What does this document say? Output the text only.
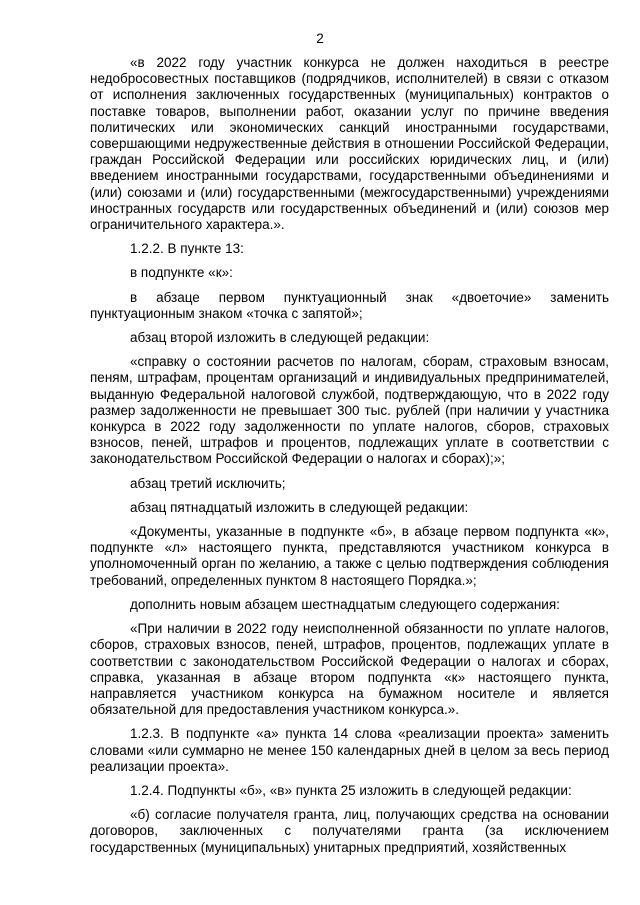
2

«в 2022 году участник конкурса не должен находиться в реестре недобросовестных поставщиков (подрядчиков, исполнителей) в связи с отказом от исполнения заключенных государственных (муниципальных) контрактов о поставке товаров, выполнении работ, оказании услуг по причине введения политических или экономических санкций иностранными государствами, совершающими недружественные действия в отношении Российской Федерации, граждан Российской Федерации или российских юридических лиц, и (или) введением иностранными государствами, государственными объединениями и (или) союзами и (или) государственными (межгосударственными) учреждениями иностранных государств или государственных объединений и (или) союзов мер ограничительного характера.».

1.2.2. В пункте 13:

в подпункте «к»:

в абзаце первом пунктуационный знак «двоеточие» заменить пунктуационным знаком «точка с запятой»;

абзац второй изложить в следующей редакции:

«справку о состоянии расчетов по налогам, сборам, страховым взносам, пеням, штрафам, процентам организаций и индивидуальных предпринимателей, выданную Федеральной налоговой службой, подтверждающую, что в 2022 году размер задолженности не превышает 300 тыс. рублей (при наличии у участника конкурса в 2022 году задолженности по уплате налогов, сборов, страховых взносов, пеней, штрафов и процентов, подлежащих уплате в соответствии с законодательством Российской Федерации о налогах и сборах);»;

абзац третий исключить;

абзац пятнадцатый изложить в следующей редакции:

«Документы, указанные в подпункте «б», в абзаце первом подпункта «к», подпункте «л» настоящего пункта, представляются участником конкурса в уполномоченный орган по желанию, а также с целью подтверждения соблюдения требований, определенных пунктом 8 настоящего Порядка.»;

дополнить новым абзацем шестнадцатым следующего содержания:

«При наличии в 2022 году неисполненной обязанности по уплате налогов, сборов, страховых взносов, пеней, штрафов, процентов, подлежащих уплате в соответствии с законодательством Российской Федерации о налогах и сборах, справка, указанная в абзаце втором подпункта «к» настоящего пункта, направляется участником конкурса на бумажном носителе и является обязательной для предоставления участником конкурса.».

1.2.3. В подпункте «а» пункта 14 слова «реализации проекта» заменить словами «или суммарно не менее 150 календарных дней в целом за весь период реализации проекта».

1.2.4. Подпункты «б», «в» пункта 25 изложить в следующей редакции:

«б) согласие получателя гранта, лиц, получающих средства на основании договоров, заключенных с получателями гранта (за исключением государственных (муниципальных) унитарных предприятий, хозяйственных
